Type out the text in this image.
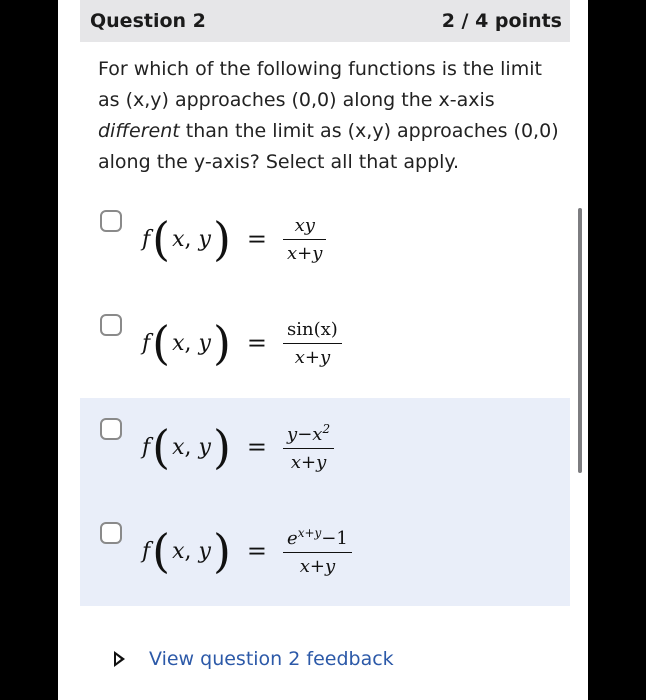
Question 2	2 / 4 points
For which of the following functions is the limit as (x,y) approaches (0,0) along the x-axis different than the limit as (x,y) approaches (0,0) along the y-axis? Select all that apply.
f ( x , y ) = $\frac{xy}{x+y}$
f ( x , y ) = $\frac{\sin(x)}{x+y}$
f ( x , y ) = $\frac{y-x^2}{x+y}$
f ( x , y ) = $\frac{e^{x+y}-1}{x+y}$
View question 2 feedback
